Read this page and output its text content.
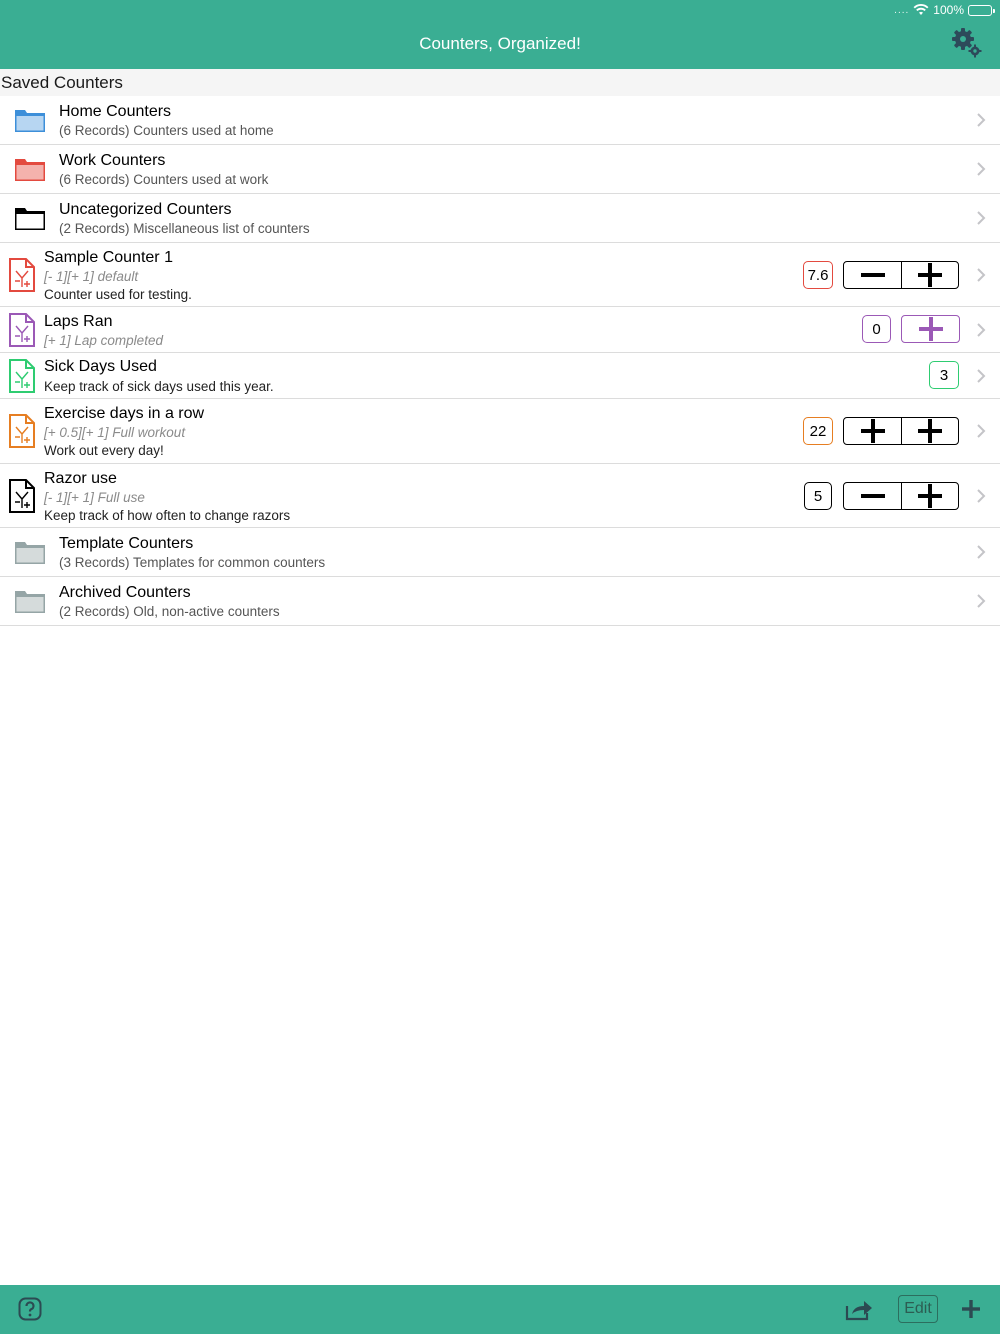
.... 100%
Counters, Organized!
Saved Counters
Home Counters
(6 Records) Counters used at home
Work Counters
(6 Records) Counters used at work
Uncategorized Counters
(2 Records) Miscellaneous list of counters
Sample Counter 1
[- 1][+ 1] default
Counter used for testing.
7.6
Laps Ran
[+ 1] Lap completed
0
Sick Days Used
Keep track of sick days used this year.
3
Exercise days in a row
[+ 0.5][+ 1] Full workout
Work out every day!
22
Razor use
[- 1][+ 1] Full use
Keep track of how often to change razors
5
Template Counters
(3 Records) Templates for common counters
Archived Counters
(2 Records) Old, non-active counters
Edit
